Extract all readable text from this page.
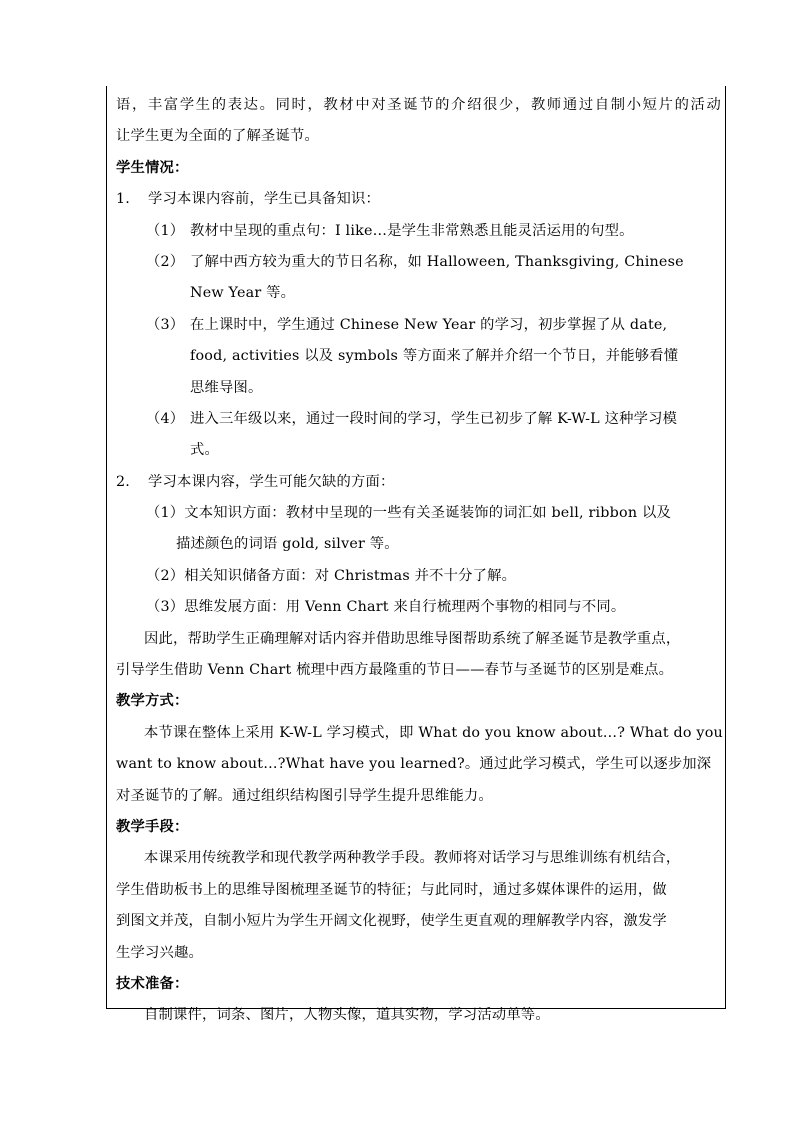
语，丰富学生的表达。同时，教材中对圣诞节的介绍很少，教师通过自制小短片的活动
让学生更为全面的了解圣诞节。
学生情况：
1. 学习本课内容前，学生已具备知识：
（1） 教材中呈现的重点句：I like…是学生非常熟悉且能灵活运用的句型。
（2） 了解中西方较为重大的节日名称，如 Halloween, Thanksgiving, Chinese
New Year 等。
（3） 在上课时中，学生通过 Chinese New Year 的学习，初步掌握了从 date,
food, activities 以及 symbols 等方面来了解并介绍一个节日，并能够看懂
思维导图。
（4） 进入三年级以来，通过一段时间的学习，学生已初步了解 K-W-L 这种学习模
式。
2. 学习本课内容，学生可能欠缺的方面：
（1）文本知识方面：教材中呈现的一些有关圣诞装饰的词汇如 bell, ribbon 以及
描述颜色的词语 gold, silver 等。
（2）相关知识储备方面：对 Christmas 并不十分了解。
（3）思维发展方面：用 Venn Chart 来自行梳理两个事物的相同与不同。
因此，帮助学生正确理解对话内容并借助思维导图帮助系统了解圣诞节是教学重点，
引导学生借助 Venn Chart 梳理中西方最隆重的节日——春节与圣诞节的区别是难点。
教学方式：
本节课在整体上采用 K-W-L 学习模式，即 What do you know about…? What do you
want to know about…?What have you learned?。通过此学习模式，学生可以逐步加深
对圣诞节的了解。通过组织结构图引导学生提升思维能力。
教学手段：
本课采用传统教学和现代教学两种教学手段。教师将对话学习与思维训练有机结合，
学生借助板书上的思维导图梳理圣诞节的特征；与此同时，通过多媒体课件的运用，做
到图文并茂，自制小短片为学生开阔文化视野，使学生更直观的理解教学内容，激发学
生学习兴趣。
技术准备：
自制课件，词条、图片，人物头像，道具实物，学习活动单等。
